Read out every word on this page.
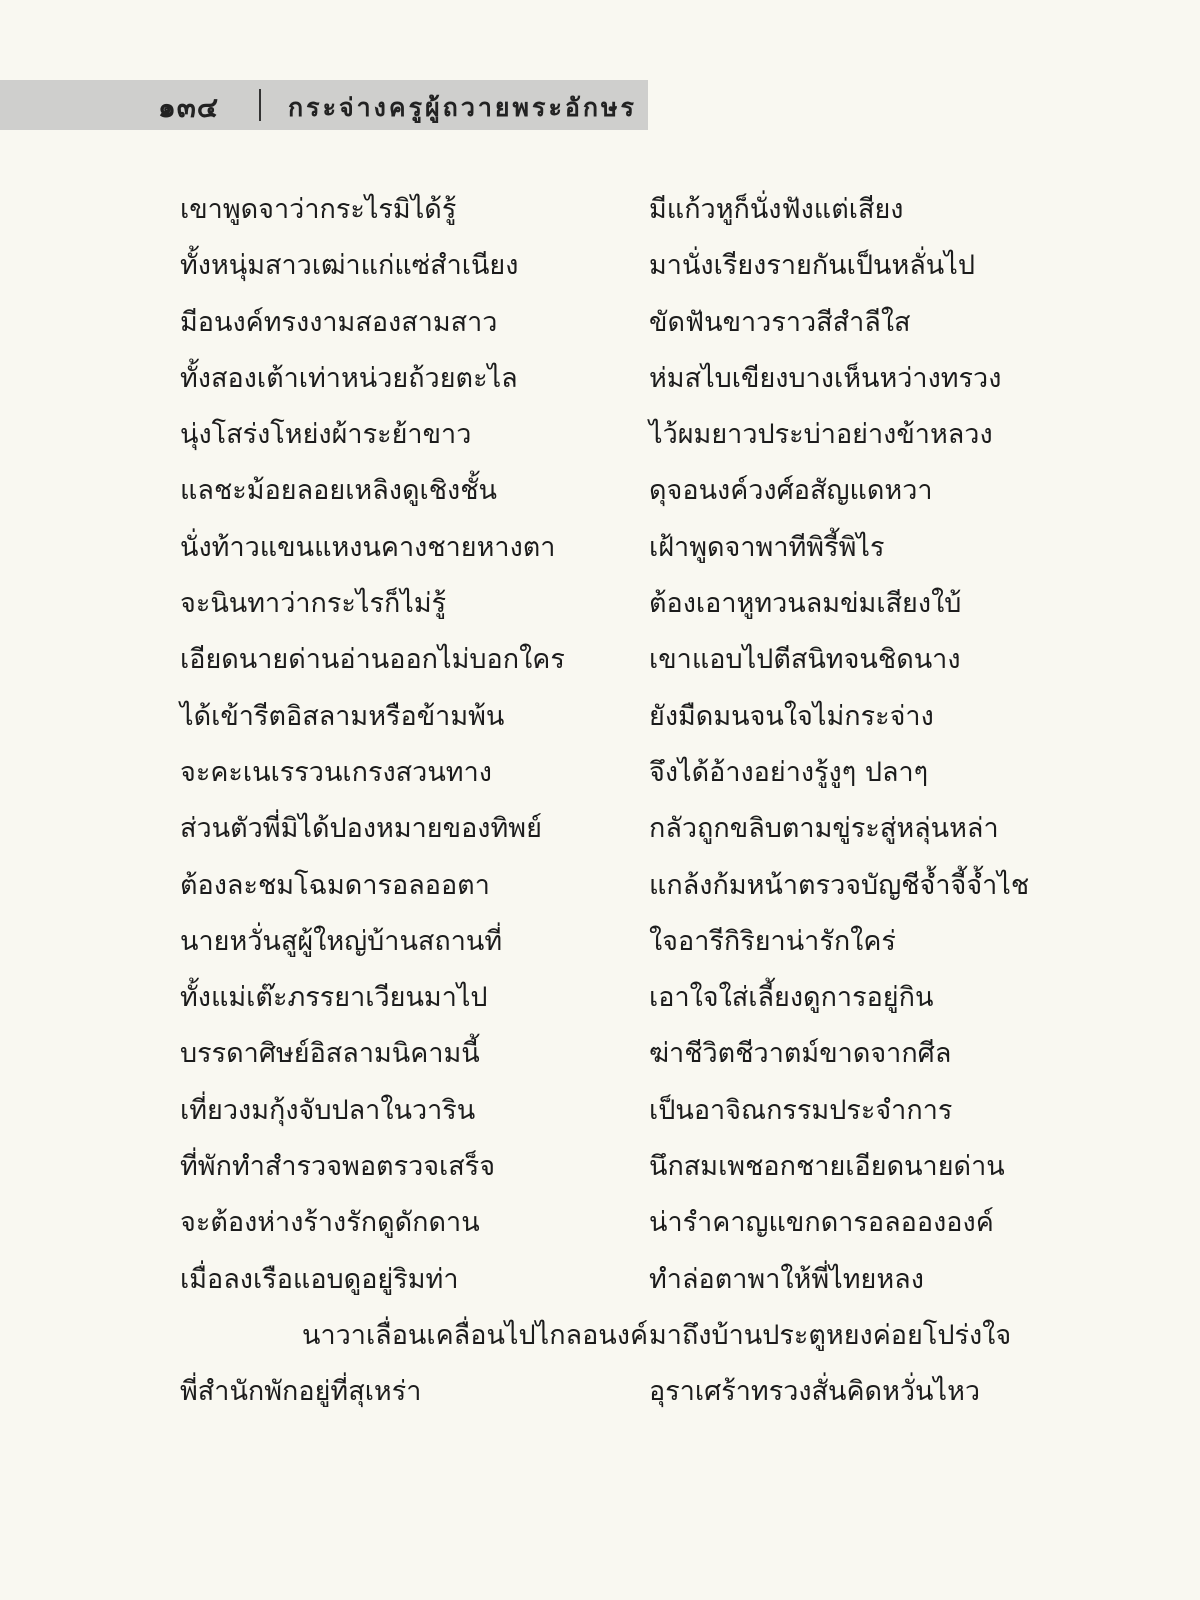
๑๓๔	กระจ่างครูผู้ถวายพระอักษร
เขาพูดจาว่ากระไรมิได้รู้	มีแก้วหูก็นั่งฟังแต่เสียง
ทั้งหนุ่มสาวเฒ่าแก่แซ่สำเนียง	มานั่งเรียงรายกันเป็นหลั่นไป
มีอนงค์ทรงงามสองสามสาว	ขัดฟันขาวราวสีสำลีใส
ทั้งสองเต้าเท่าหน่วยถ้วยตะไล	ห่มสไบเขียงบางเห็นหว่างทรวง
นุ่งโสร่งโหย่งผ้าระย้าขาว	ไว้ผมยาวประบ่าอย่างข้าหลวง
แลชะม้อยลอยเหลิงดูเชิงชั้น	ดุจอนงค์วงศ์อสัญแดหวา
นั่งท้าวแขนแหงนคางชายหางตา	เฝ้าพูดจาพาทีพิรี้พิไร
จะนินทาว่ากระไรก็ไม่รู้	ต้องเอาหูทวนลมข่มเสียงใบ้
เอียดนายด่านอ่านออกไม่บอกใคร	เขาแอบไปตีสนิทจนชิดนาง
ได้เข้ารีตอิสลามหรือข้ามพ้น	ยังมืดมนจนใจไม่กระจ่าง
จะคะเนเรรวนเกรงสวนทาง	จึงได้อ้างอย่างรู้งูๆ ปลาๆ
ส่วนตัวพี่มิได้ปองหมายของทิพย์	กลัวถูกขลิบตามขู่ระสู่หลุ่นหล่า
ต้องละชมโฉมดารอลออตา	แกล้งก้มหน้าตรวจบัญชีจ้ำจี้จ้ำไช
นายหวั่นสูผู้ใหญ่บ้านสถานที่	ใจอารีกิริยาน่ารักใคร่
ทั้งแม่เต๊ะภรรยาเวียนมาไป	เอาใจใส่เลี้ยงดูการอยู่กิน
บรรดาศิษย์อิสลามนิคามนี้	ฆ่าชีวิตชีวาตม์ขาดจากศีล
เที่ยวงมกุ้งจับปลาในวาริน	เป็นอาจิณกรรมประจำการ
ที่พักทำสำรวจพอตรวจเสร็จ	นึกสมเพชอกชายเอียดนายด่าน
จะต้องห่างร้างรักดูดักดาน	น่ารำคาญแขกดารอลอององค์
เมื่อลงเรือแอบดูอยู่ริมท่า	ทำล่อตาพาให้พี่ไทยหลง
นาวาเลื่อนเคลื่อนไปไกลอนงค์ มาถึงบ้านประตูหยงค่อยโปร่งใจ
พี่สำนักพักอยู่ที่สุเหร่า	อุราเศร้าทรวงสั่นคิดหวั่นไหว
